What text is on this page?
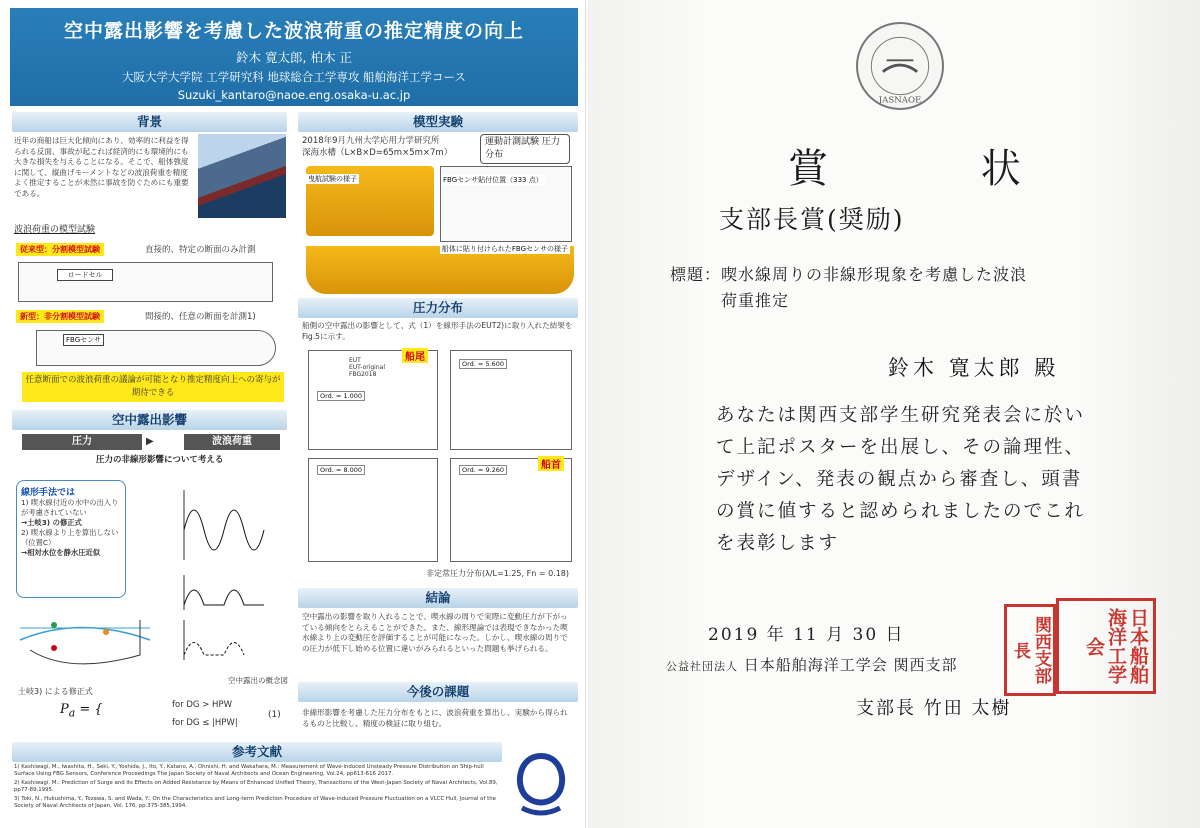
空中露出影響を考慮した波浪荷重の推定精度の向上
鈴木 寛太郎, 柏木 正
大阪大学大学院 工学研究科 地球総合工学専攻 船舶海洋工学コース
Suzuki_kantaro@naoe.eng.osaka-u.ac.jp
背景
近年の商船は巨大化傾向にあり、効率的に利益を得られる反面、事故が起これば経済的にも環境的にも大きな損失を与えることになる。そこで、船体強度に関して、縦曲げモーメントなどの波浪荷重を精度よく推定することが未然に事故を防ぐためにも重要である。
波浪荷重の模型試験
従来型：分割模型試験	直接的、特定の断面のみ計測
ロードセル
新型：非分割模型試験	間接的、任意の断面を計測1)
FBGセンサ
任意断面での波浪荷重の議論が可能となり推定精度向上への寄与が期待できる
空中露出影響
圧力	波浪荷重
▶
圧力の非線形影響について考える
線形手法では
1) 喫水線付近の水中の出入りが考慮されていない
→土岐3) の修正式
2) 喫水線より上を算出しない（位置C）
→相対水位を静水圧近似
空中露出の概念図
土岐3) による修正式
$P_a$ = {	for DG > HPW
for DG ≤ |HPW|
(1)
模型実験
2018年9月九州大学応用力学研究所
深海水槽（L×B×D=65m×5m×7m）
運動計測試験 圧力分布
曳航試験の様子	FBGセンサ貼付位置（333 点）
船体に貼り付けられたFBGセンサの様子
圧力分布
船側の空中露出の影響として、式（1）を線形手法のEUT2)に取り入れた結果をFig.5に示す。
Ord. = 1.000
EUT
EUT-original
FBG2018
船尾
Ord. = 5.600
Ord. = 8.000	Ord. = 9.260	船首
非定常圧力分布(λ/L=1.25, Fn = 0.18)
結論
空中露出の影響を取り入れることで、喫水線の周りで実際に変動圧力が下がっている傾向をとらえることができた。また、線形理論では表現できなかった喫水線より上の変動圧を評価することが可能になった。しかし、喫水線の周りでの圧力が低下し始める位置に違いがみられるといった問題も挙げられる。
今後の課題
非線形影響を考慮した圧力分布をもとに、波浪荷重を算出し、実験から得られるものと比較し、精度の検証に取り組む。
参考文献
1) Kashiwagi, M., Iwashita, H., Seki, Y., Yoshida, J., Ito, Y., Katano, A., Ohnishi, H. and Wakahara, M.: Measurement of Wave-induced Unsteady Pressure Distribution on Ship-hull Surface Using FBG Sensors, Conference Proceedings The Japan Society of Naval Architects and Ocean Engineering, Vol.24, pp613-616 2017.
2) Kashiwagi, M.: Prediction of Surge and its Effects on Added Resistance by Means of Enhanced Unified Theory, Transactions of the West-Japan Society of Naval Architects, Vol.89, pp77-89,1995.
3) Toki, N., Hukushima, Y., Tozawa, S. and Wada, Y.: On the Characteristics and Long-term Prediction Procedure of Wave-induced Pressure Fluctuation on a VLCC Hull, Journal of the Society of Naval Architects of Japan, Vol. 176, pp.375-385,1994.
JASNAOE
賞 状
支部長賞(奨励)
標題：喫水線周りの非線形現象を考慮した波浪
荷重推定
鈴木 寛太郎 殿
あなたは関西支部学生研究発表会に於いて上記ポスターを出展し、その論理性、デザイン、発表の観点から審査し、頭書の賞に値すると認められましたのでこれを表彰します
2019 年 11 月 30 日
公益社団法人 日本船舶海洋工学会 関西支部
支部長 竹田 太樹
日本船舶海洋工学会
関西支部長
